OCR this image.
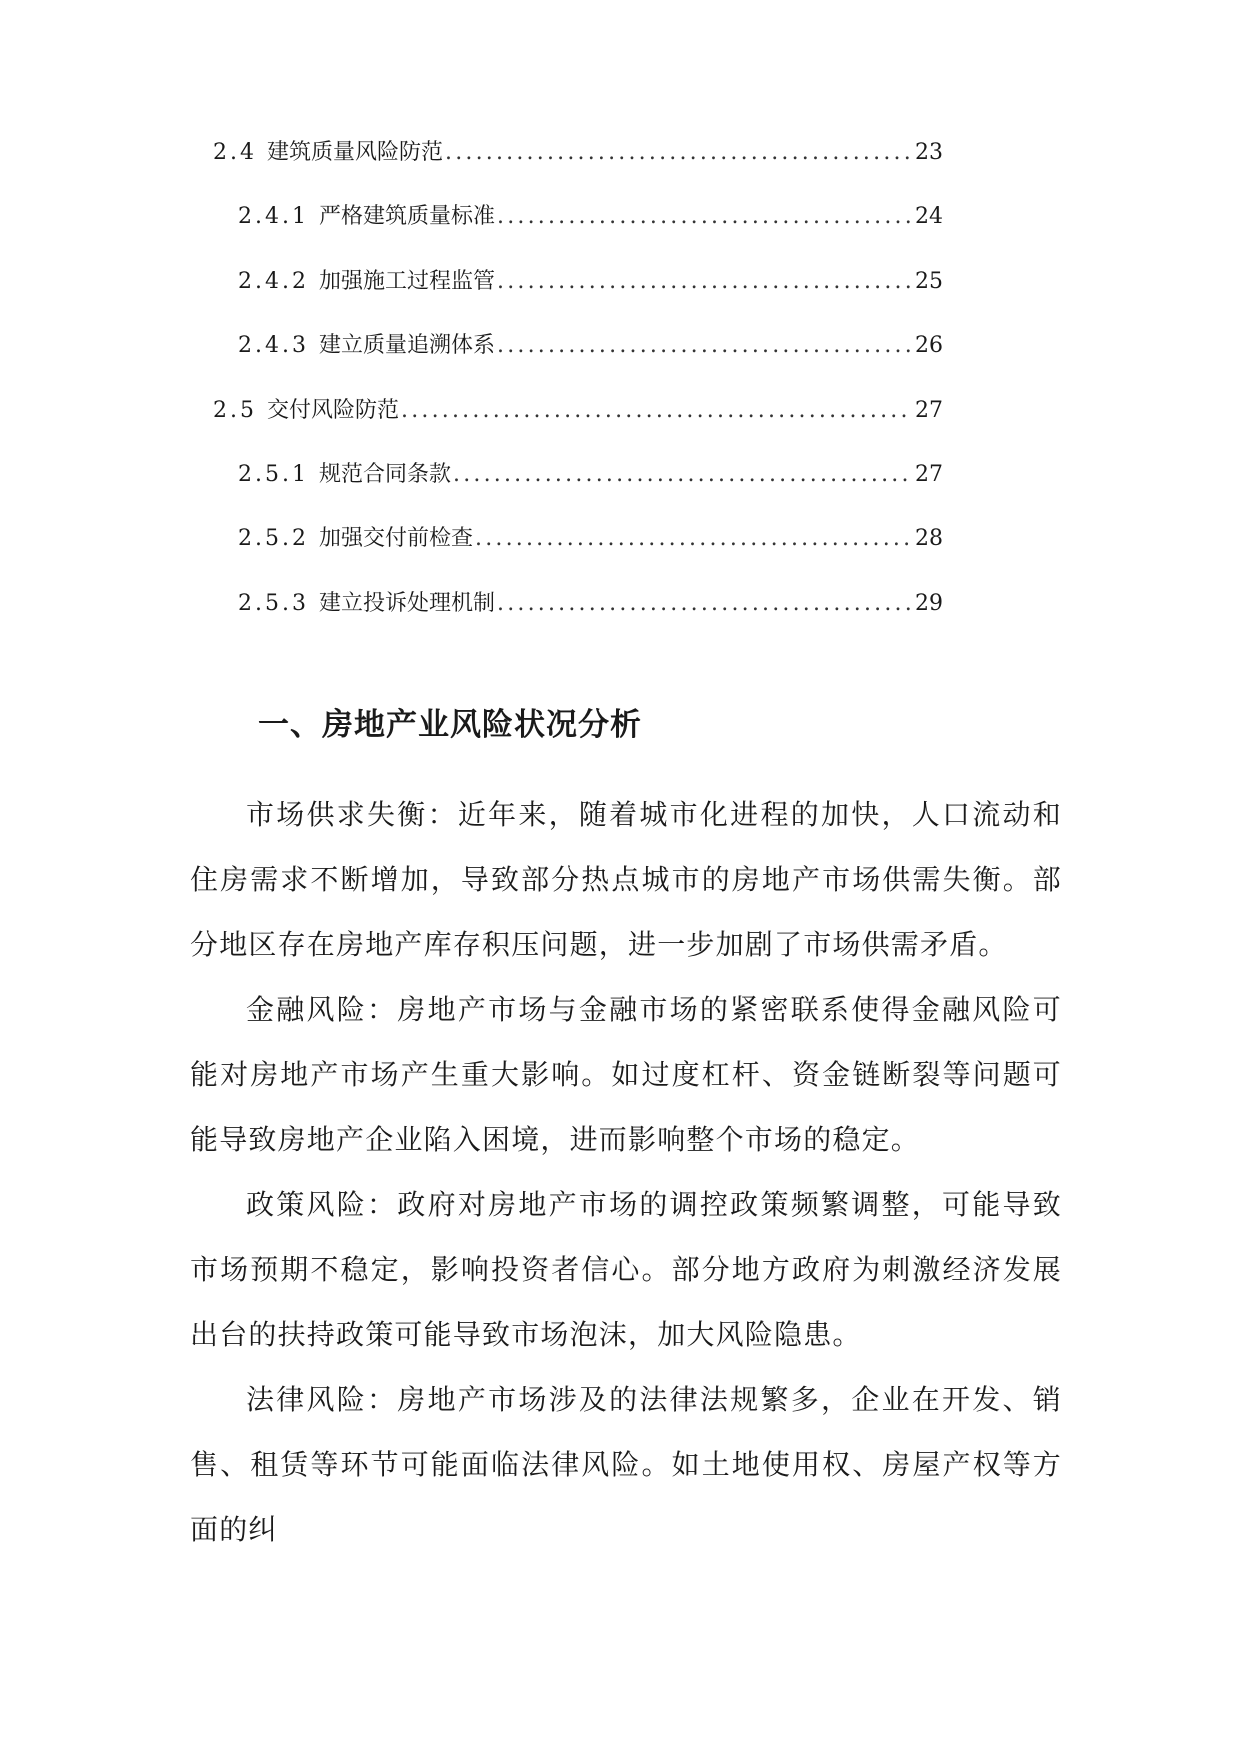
2.4 建筑质量风险防范 .....	23
2.4.1 严格建筑质量标准 .....	24
2.4.2 加强施工过程监管 .....	25
2.4.3 建立质量追溯体系 .....	26
2.5 交付风险防范 .....	27
2.5.1 规范合同条款 .....	27
2.5.2 加强交付前检查 .....	28
2.5.3 建立投诉处理机制 .....	29
一、房地产业风险状况分析

市场供求失衡：近年来，随着城市化进程的加快，人口流动和住房需求不断增加，导致部分热点城市的房地产市场供需失衡。部分地区存在房地产库存积压问题，进一步加剧了市场供需矛盾。

金融风险：房地产市场与金融市场的紧密联系使得金融风险可能对房地产市场产生重大影响。如过度杠杆、资金链断裂等问题可能导致房地产企业陷入困境，进而影响整个市场的稳定。

政策风险：政府对房地产市场的调控政策频繁调整，可能导致市场预期不稳定，影响投资者信心。部分地方政府为刺激经济发展出台的扶持政策可能导致市场泡沫，加大风险隐患。

法律风险：房地产市场涉及的法律法规繁多，企业在开发、销售、租赁等环节可能面临法律风险。如土地使用权、房屋产权等方面的纠
